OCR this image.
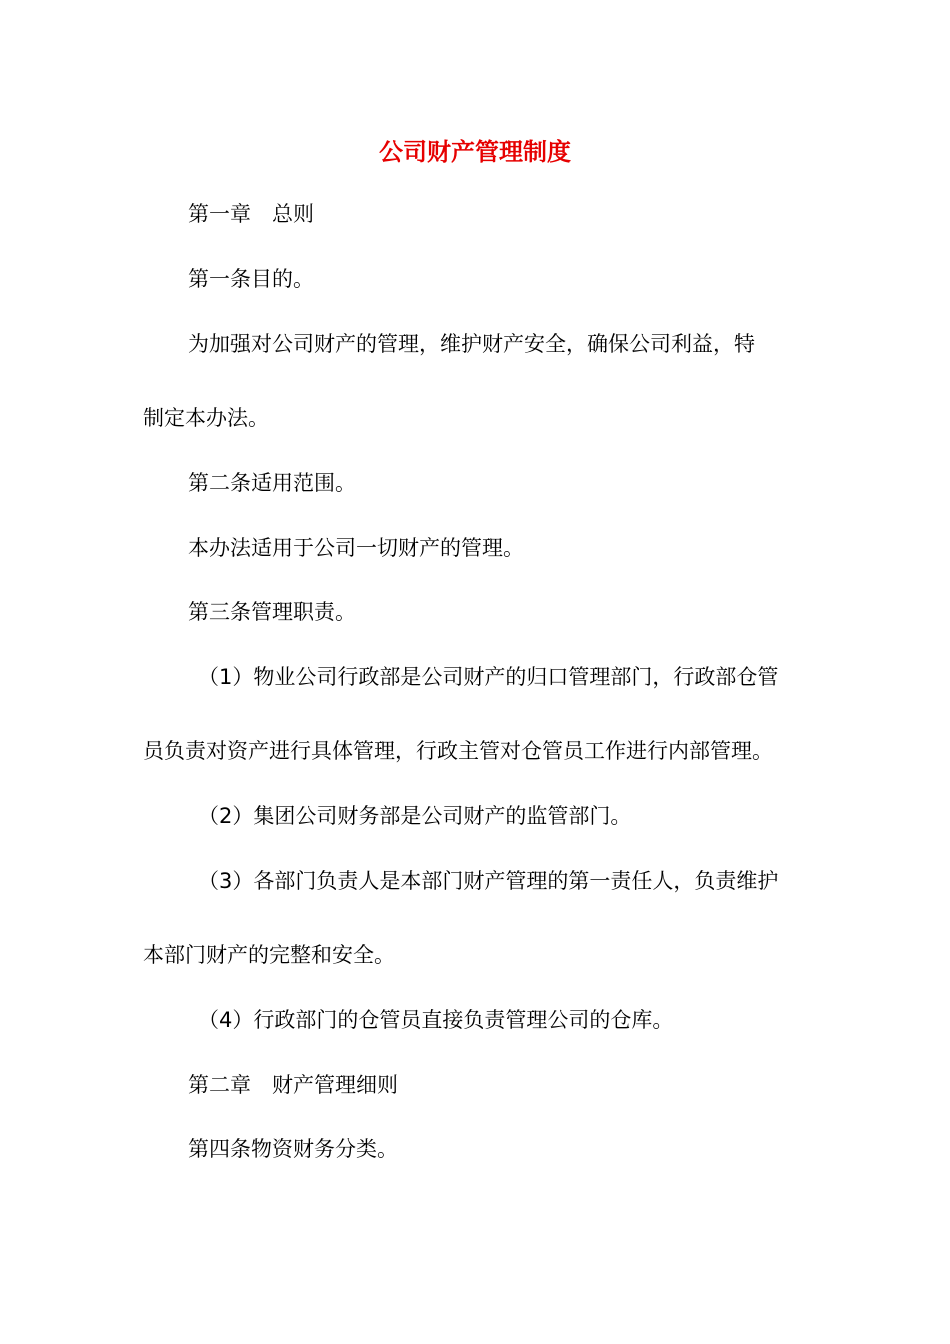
公司财产管理制度

第一章　总则

第一条目的。

为加强对公司财产的管理，维护财产安全，确保公司利益，特

制定本办法。

第二条适用范围。

本办法适用于公司一切财产的管理。

第三条管理职责。

（1）物业公司行政部是公司财产的归口管理部门，行政部仓管

员负责对资产进行具体管理，行政主管对仓管员工作进行内部管理。

（2）集团公司财务部是公司财产的监管部门。

（3）各部门负责人是本部门财产管理的第一责任人，负责维护

本部门财产的完整和安全。

（4）行政部门的仓管员直接负责管理公司的仓库。

第二章　财产管理细则

第四条物资财务分类。
